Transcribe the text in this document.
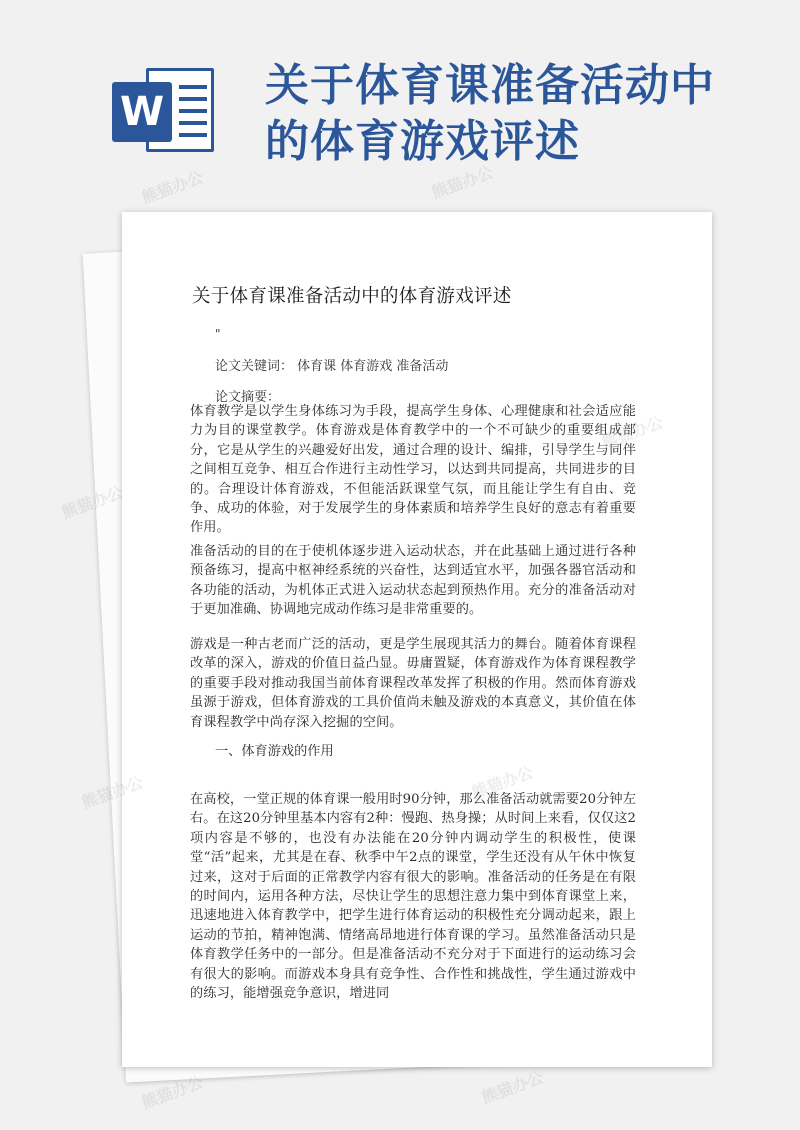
W
关于体育课准备活动中
的体育游戏评述
关于体育课准备活动中的体育游戏评述
"
论文关键词： 体育课 体育游戏 准备活动
论文摘要：

体育教学是以学生身体练习为手段，提高学生身体、心理健康和社会适应能力为目的课堂教学。体育游戏是体育教学中的一个不可缺少的重要组成部分，它是从学生的兴趣爱好出发，通过合理的设计、编排，引导学生与同伴之间相互竞争、相互合作进行主动性学习，以达到共同提高，共同进步的目的。合理设计体育游戏，不但能活跃课堂气氛，而且能让学生有自由、竞争、成功的体验，对于发展学生的身体素质和培养学生良好的意志有着重要作用。

准备活动的目的在于使机体逐步进入运动状态，并在此基础上通过进行各种预备练习，提高中枢神经系统的兴奋性，达到适宜水平，加强各器官活动和各功能的活动，为机体正式进入运动状态起到预热作用。充分的准备活动对于更加准确、协调地完成动作练习是非常重要的。

游戏是一种古老而广泛的活动，更是学生展现其活力的舞台。随着体育课程改革的深入，游戏的价值日益凸显。毋庸置疑，体育游戏作为体育课程教学的重要手段对推动我国当前体育课程改革发挥了积极的作用。然而体育游戏虽源于游戏，但体育游戏的工具价值尚未触及游戏的本真意义，其价值在体育课程教学中尚存深入挖掘的空间。

一、体育游戏的作用

在高校，一堂正规的体育课一般用时90分钟，那么准备活动就需要20分钟左右。在这20分钟里基本内容有2种：慢跑、热身操；从时间上来看，仅仅这2项内容是不够的，也没有办法能在20分钟内调动学生的积极性，使课堂“活”起来，尤其是在春、秋季中午2点的课堂，学生还没有从午休中恢复过来，这对于后面的正常教学内容有很大的影响。准备活动的任务是在有限的时间内，运用各种方法，尽快让学生的思想注意力集中到体育课堂上来，迅速地进入体育教学中，把学生进行体育运动的积极性充分调动起来，跟上运动的节拍，精神饱满、情绪高昂地进行体育课的学习。虽然准备活动只是体育教学任务中的一部分。但是准备活动不充分对于下面进行的运动练习会有很大的影响。而游戏本身具有竞争性、合作性和挑战性，学生通过游戏中的练习，能增强竞争意识，增进同

熊猫办公	熊猫办公
熊猫办公
熊猫办公	熊猫办公
